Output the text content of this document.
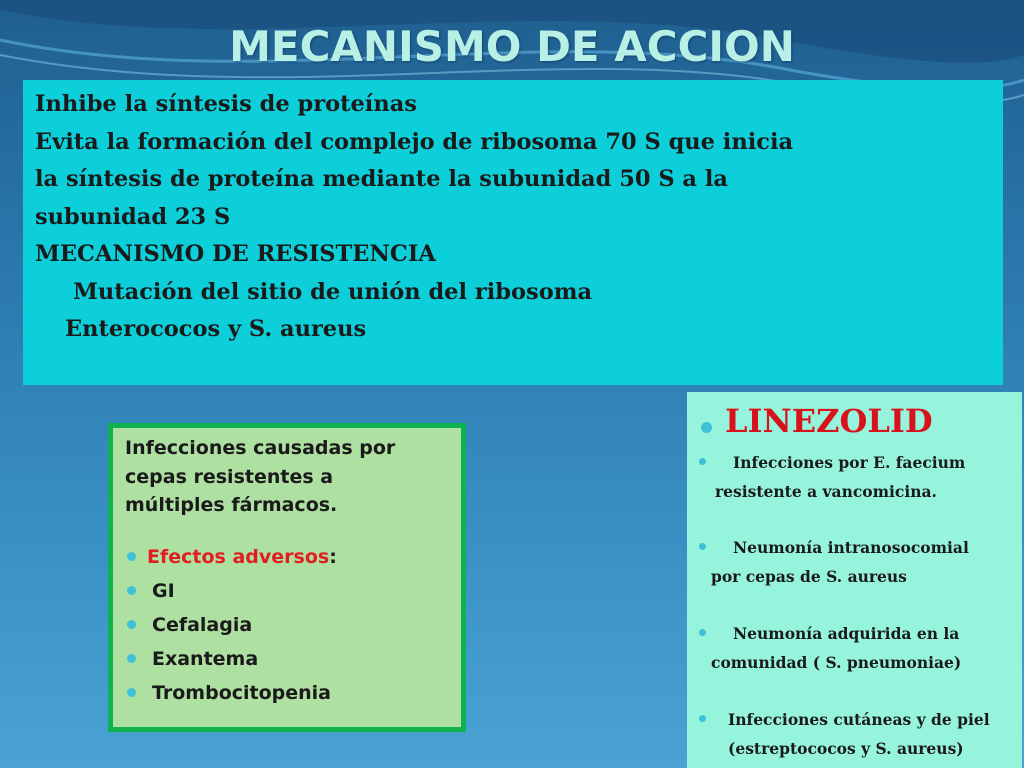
MECANISMO DE ACCION

Inhibe la síntesis de proteínas

Evita la formación del complejo de ribosoma 70 S que inicia

la síntesis de proteína mediante la subunidad 50 S a la

subunidad 23 S

MECANISMO DE RESISTENCIA

Mutación del sitio de unión del ribosoma

Enterococos y S. aureus

Infecciones causadas por

cepas resistentes a

múltiples fármacos.

Efectos adversos:
GI
Cefalagia
Exantema
Trombocitopenia

LINEZOLID

Infecciones por E. faecium
resistente a vancomicina.
Neumonía intranosocomial
por cepas de S. aureus
Neumonía adquirida en la
comunidad ( S. pneumoniae)
Infecciones cutáneas y de piel
(estreptococos y S. aureus)
